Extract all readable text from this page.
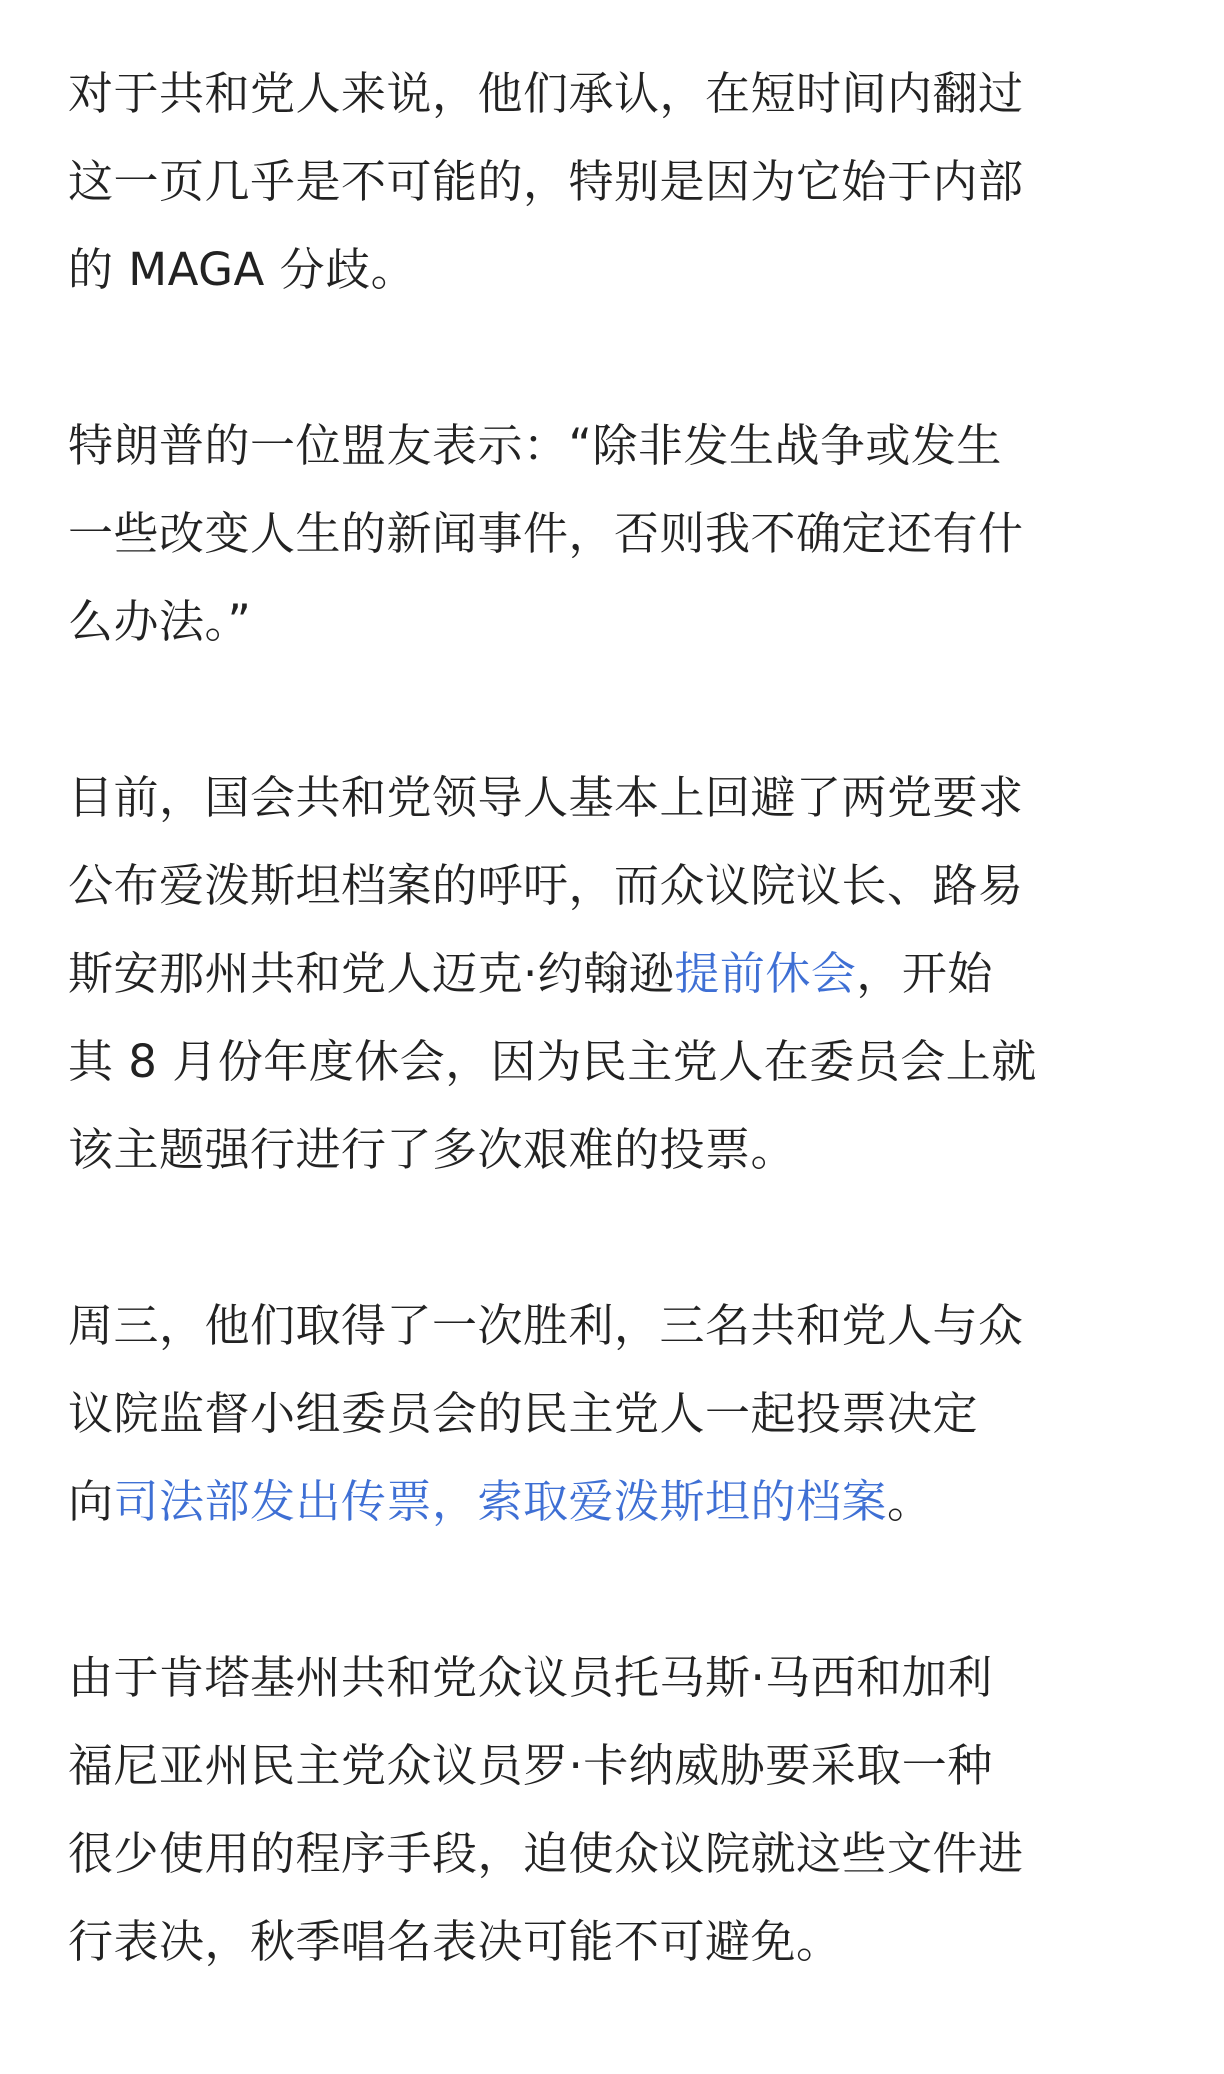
对于共和党人来说，他们承认，在短时间内翻过
这一页几乎是不可能的，特别是因为它始于内部
的 MAGA 分歧。

特朗普的一位盟友表示：“除非发生战争或发生
一些改变人生的新闻事件，否则我不确定还有什
么办法。”

目前，国会共和党领导人基本上回避了两党要求
公布爱泼斯坦档案的呼吁，而众议院议长、路易
斯安那州共和党人迈克·约翰逊提前休会，开始
其 8 月份年度休会，因为民主党人在委员会上就
该主题强行进行了多次艰难的投票。

周三，他们取得了一次胜利，三名共和党人与众
议院监督小组委员会的民主党人一起投票决定
向司法部发出传票，索取爱泼斯坦的档案。

由于肯塔基州共和党众议员托马斯·马西和加利
福尼亚州民主党众议员罗·卡纳威胁要采取一种
很少使用的程序手段，迫使众议院就这些文件进
行表决，秋季唱名表决可能不可避免。
